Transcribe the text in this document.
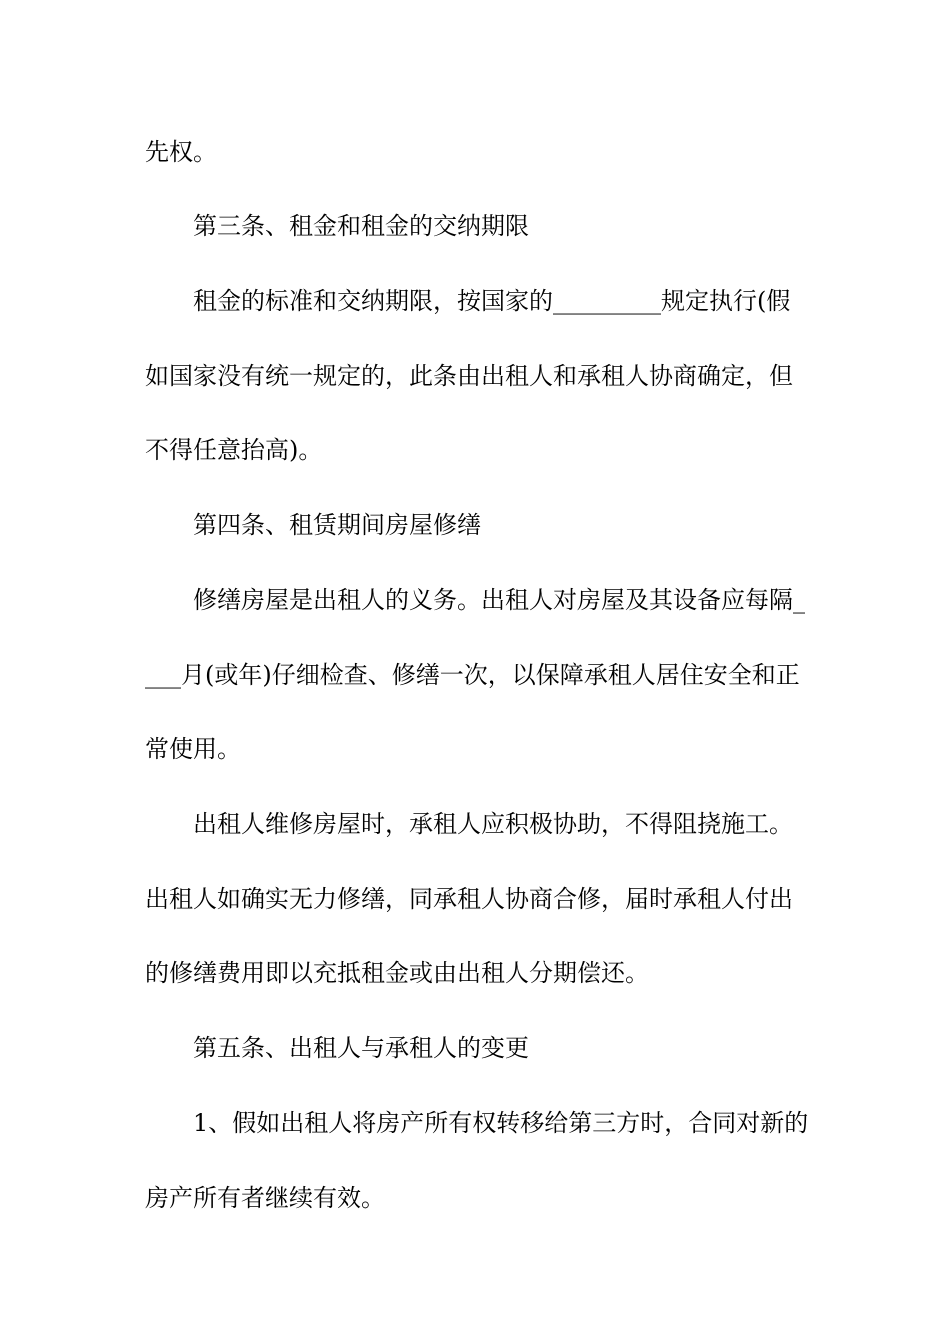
先权。
第三条、租金和租金的交纳期限
租金的标准和交纳期限，按国家的_________规定执行(假
如国家没有统一规定的，此条由出租人和承租人协商确定，但
不得任意抬高)。
第四条、租赁期间房屋修缮
修缮房屋是出租人的义务。出租人对房屋及其设备应每隔_
___月(或年)仔细检查、修缮一次，以保障承租人居住安全和正
常使用。
出租人维修房屋时，承租人应积极协助，不得阻挠施工。
出租人如确实无力修缮，同承租人协商合修，届时承租人付出
的修缮费用即以充抵租金或由出租人分期偿还。
第五条、出租人与承租人的变更
1、假如出租人将房产所有权转移给第三方时，合同对新的
房产所有者继续有效。
